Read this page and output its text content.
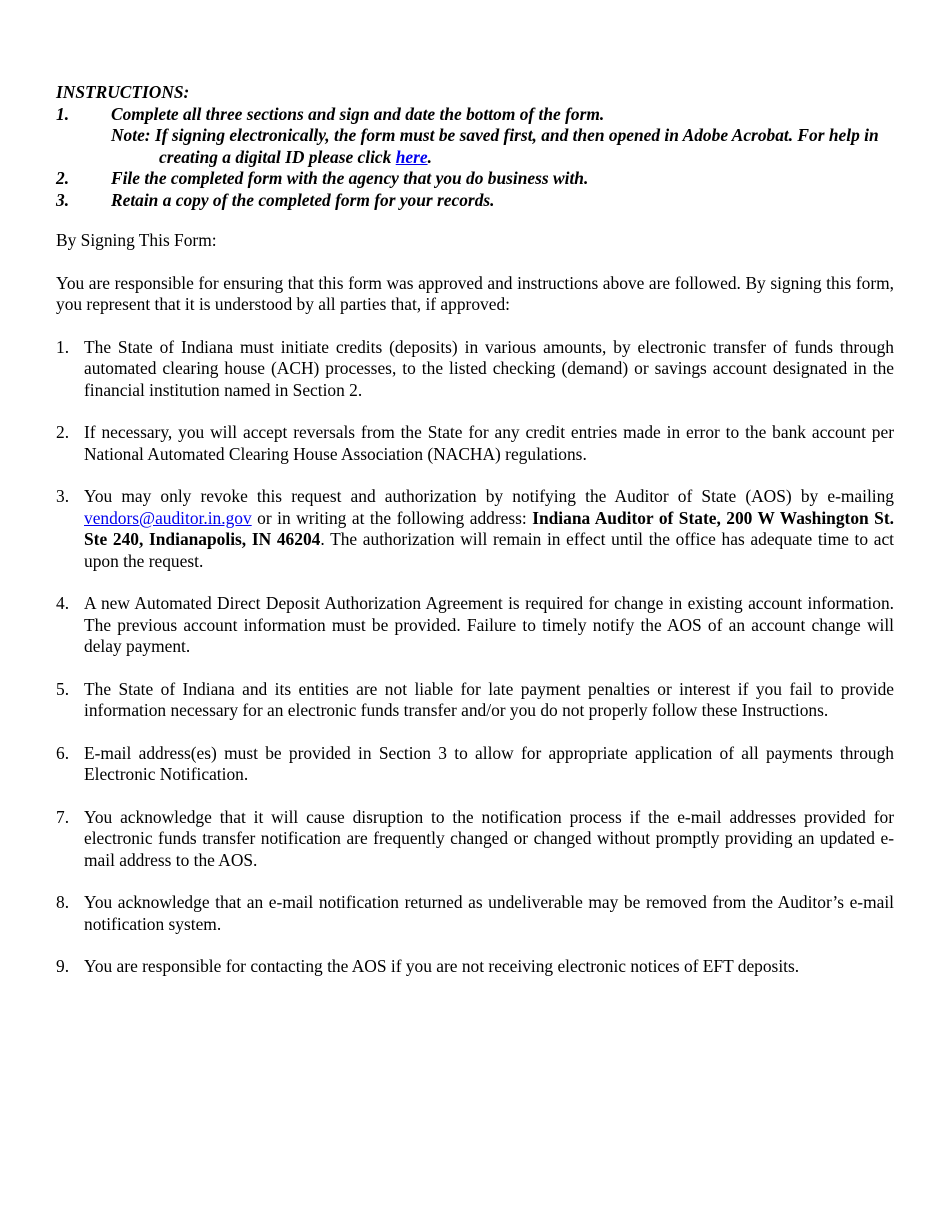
INSTRUCTIONS:
1.	Complete all three sections and sign and date the bottom of the form.
Note: If signing electronically, the form must be saved first, and then opened in Adobe Acrobat. For help in creating a digital ID please click here.
2.	File the completed form with the agency that you do business with.
3.	Retain a copy of the completed form for your records.

By Signing This Form:

You are responsible for ensuring that this form was approved and instructions above are followed. By signing this form, you represent that it is understood by all parties that, if approved:

1. The State of Indiana must initiate credits (deposits) in various amounts, by electronic transfer of funds through automated clearing house (ACH) processes, to the listed checking (demand) or savings account designated in the financial institution named in Section 2.
2. If necessary, you will accept reversals from the State for any credit entries made in error to the bank account per National Automated Clearing House Association (NACHA) regulations.
3. You may only revoke this request and authorization by notifying the Auditor of State (AOS) by e-mailing vendors@auditor.in.gov or in writing at the following address: Indiana Auditor of State, 200 W Washington St. Ste 240, Indianapolis, IN 46204. The authorization will remain in effect until the office has adequate time to act upon the request.
4. A new Automated Direct Deposit Authorization Agreement is required for change in existing account information. The previous account information must be provided. Failure to timely notify the AOS of an account change will delay payment.
5. The State of Indiana and its entities are not liable for late payment penalties or interest if you fail to provide information necessary for an electronic funds transfer and/or you do not properly follow these Instructions.
6. E-mail address(es) must be provided in Section 3 to allow for appropriate application of all payments through Electronic Notification.
7. You acknowledge that it will cause disruption to the notification process if the e-mail addresses provided for electronic funds transfer notification are frequently changed or changed without promptly providing an updated e-mail address to the AOS.
8. You acknowledge that an e-mail notification returned as undeliverable may be removed from the Auditor’s e-mail notification system.
9. You are responsible for contacting the AOS if you are not receiving electronic notices of EFT deposits.
